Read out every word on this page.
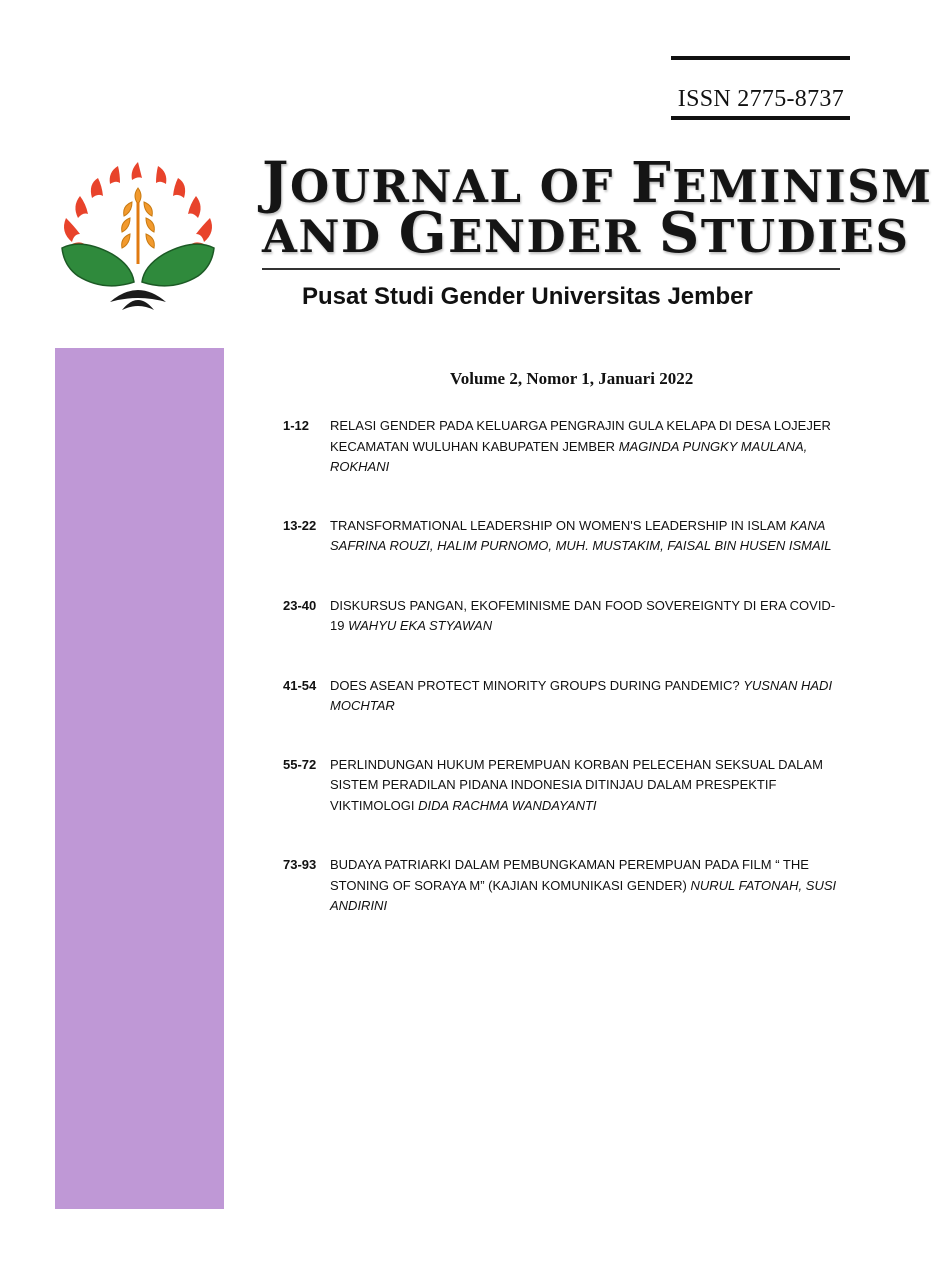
ISSN 2775-8737
JOURNAL OF FEMINISM
AND GENDER STUDIES
Pusat Studi Gender Universitas Jember
Volume 2, Nomor 1, Januari 2022
1-12	RELASI GENDER PADA KELUARGA PENGRAJIN GULA KELAPA DI DESA LOJEJER KECAMATAN WULUHAN KABUPATEN JEMBER MAGINDA PUNGKY MAULANA, ROKHANI
13-22	TRANSFORMATIONAL LEADERSHIP ON WOMEN'S LEADERSHIP IN ISLAM KANA SAFRINA ROUZI, HALIM PURNOMO, MUH. MUSTAKIM, FAISAL BIN HUSEN ISMAIL
23-40	DISKURSUS PANGAN, EKOFEMINISME DAN FOOD SOVEREIGNTY DI ERA COVID-19 WAHYU EKA STYAWAN
41-54	DOES ASEAN PROTECT MINORITY GROUPS DURING PANDEMIC? YUSNAN HADI MOCHTAR
55-72	PERLINDUNGAN HUKUM PEREMPUAN KORBAN PELECEHAN SEKSUAL DALAM SISTEM PERADILAN PIDANA INDONESIA DITINJAU DALAM PRESPEKTIF VIKTIMOLOGI DIDA RACHMA WANDAYANTI
73-93	BUDAYA PATRIARKI DALAM PEMBUNGKAMAN PEREMPUAN PADA FILM “ THE STONING OF SORAYA M” (KAJIAN KOMUNIKASI GENDER) NURUL FATONAH, SUSI ANDIRINI
